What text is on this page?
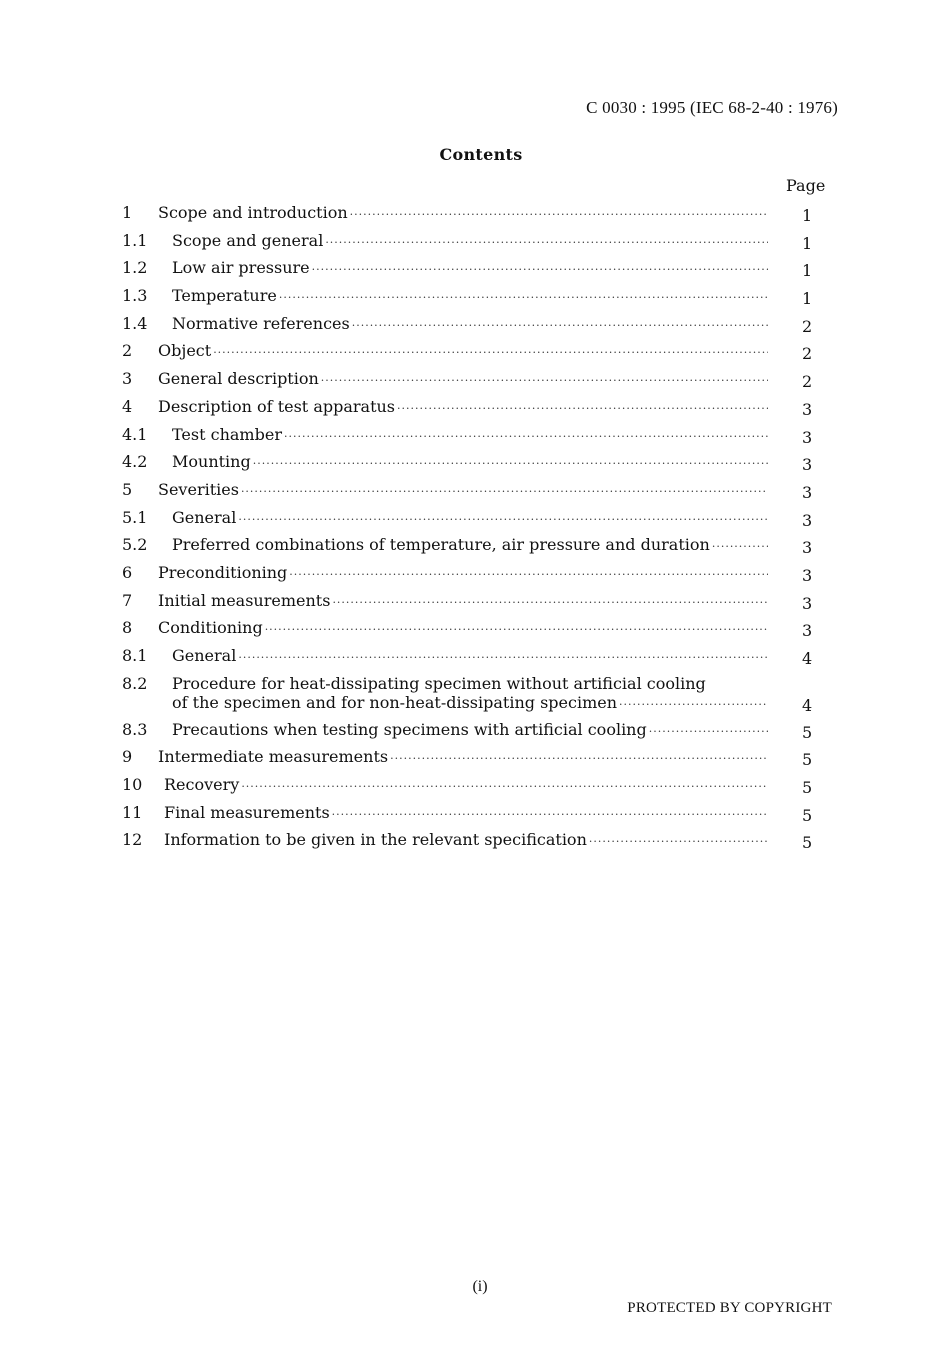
C 0030 : 1995 (IEC 68-2-40 : 1976)
Contents
Page
1 Scope and introduction ·····	1
1.1 Scope and general ·····	1
1.2 Low air pressure ·····	1
1.3 Temperature ·····	1
1.4 Normative references ·····	2
2 Object ·····	2
3 General description ·····	2
4 Description of test apparatus ·····	3
4.1 Test chamber ·····	3
4.2 Mounting ·····	3
5 Severities ·····	3
5.1 General ·····	3
5.2 Preferred combinations of temperature, air pressure and duration ·····	3
6 Preconditioning ·····	3
7 Initial measurements ·····	3
8 Conditioning ·····	3
8.1 General ·····	4
8.2 Procedure for heat-dissipating specimen without artificial cooling
of the specimen and for non-heat-dissipating specimen ·····	4
8.3 Precautions when testing specimens with artificial cooling ·····	5
9 Intermediate measurements ·····	5
10 Recovery ·····	5
11 Final measurements ·····	5
12 Information to be given in the relevant specification ·····	5
(i)
PROTECTED BY COPYRIGHT
